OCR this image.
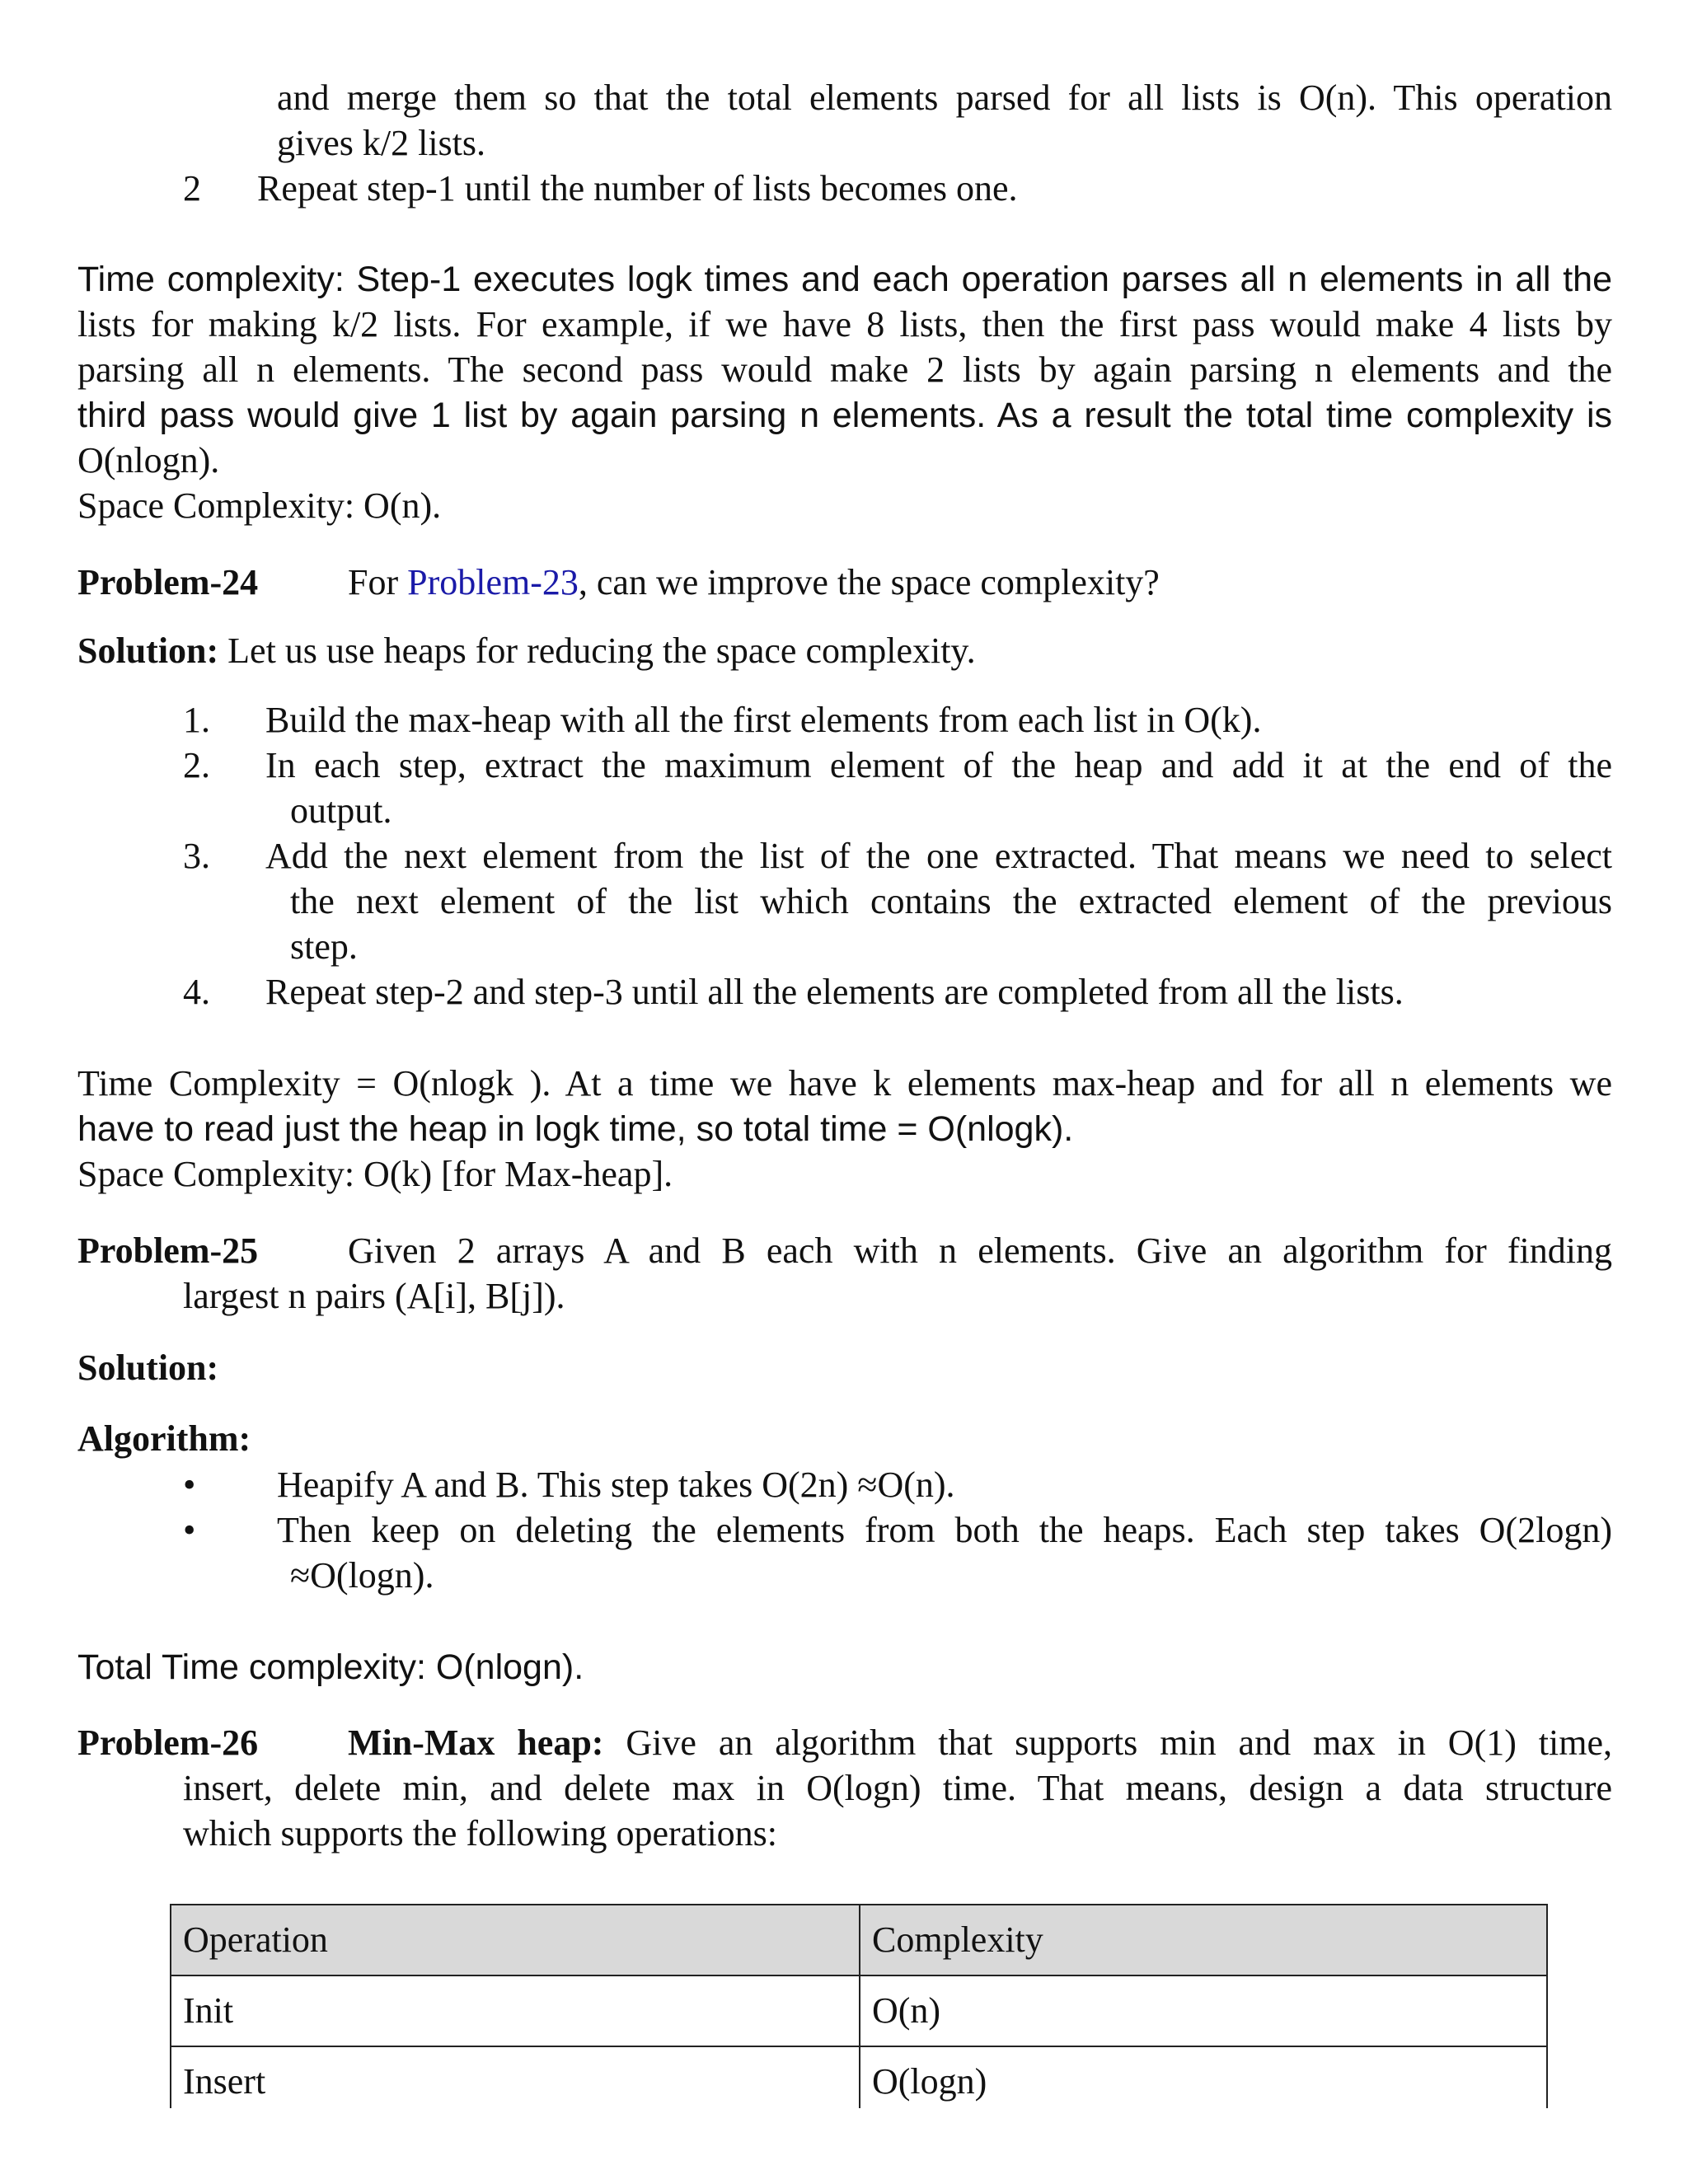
and merge them so that the total elements parsed for all lists is O(n). This operation
gives k/2 lists.
2 Repeat step-1 until the number of lists becomes one.
Time complexity: Step-1 executes logk times and each operation parses all n elements in all the
lists for making k/2 lists. For example, if we have 8 lists, then the first pass would make 4 lists by
parsing all n elements. The second pass would make 2 lists by again parsing n elements and the
third pass would give 1 list by again parsing n elements. As a result the total time complexity is
O(nlogn).
Space Complexity: O(n).
Problem-24 For Problem-23, can we improve the space complexity?
Solution: Let us use heaps for reducing the space complexity.
1. Build the max-heap with all the first elements from each list in O(k).
2. In each step, extract the maximum element of the heap and add it at the end of the
output.
3. Add the next element from the list of the one extracted. That means we need to select
the next element of the list which contains the extracted element of the previous
step.
4. Repeat step-2 and step-3 until all the elements are completed from all the lists.
Time Complexity = O(nlogk ). At a time we have k elements max-heap and for all n elements we
have to read just the heap in logk time, so total time = O(nlogk).
Space Complexity: O(k) [for Max-heap].
Problem-25 Given 2 arrays A and B each with n elements. Give an algorithm for finding
largest n pairs (A[i], B[j]).
Solution:
Algorithm:
• Heapify A and B. This step takes O(2n) ≈O(n).
• Then keep on deleting the elements from both the heaps. Each step takes O(2logn)
≈O(logn).
Total Time complexity: O(nlogn).
Problem-26 Min-Max heap: Give an algorithm that supports min and max in O(1) time,
insert, delete min, and delete max in O(logn) time. That means, design a data structure
which supports the following operations:
Operation	Complexity
Init	O(n)
Insert	O(logn)
